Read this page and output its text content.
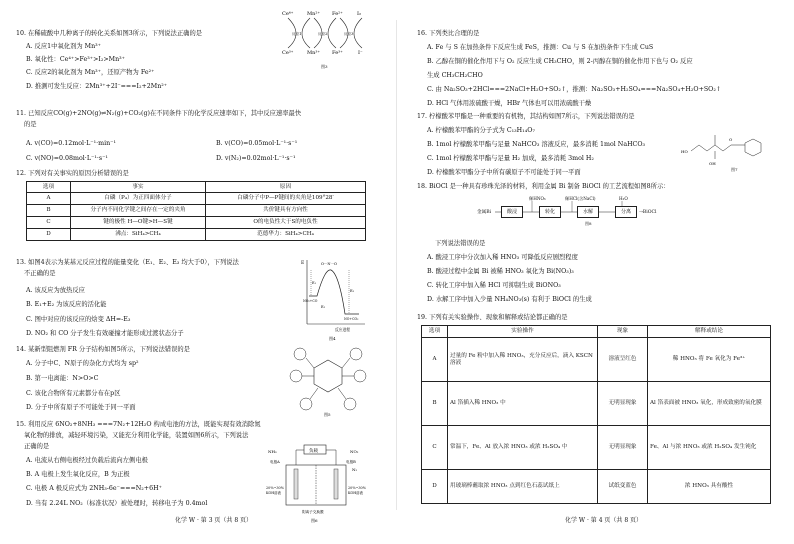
10. 在稀硫酸中几种离子的转化关系如图3所示，下列说法正确的是
A. 反应1中氧化剂为 Mn³⁺
B. 氧化性：Ce⁴⁺>Fe³⁺>I₂>Mn³⁺
C. 反应2的氧化剂为 Mn³⁺，还原产物为 Fe²⁺
D. 推测可发生反应：2Mn³⁺+2I⁻===I₂+2Mn²⁺
Ce⁴⁺
Ce³⁺
Mn²⁺
Mn³⁺
Fe²⁺
Fe³⁺
I₂
I⁻
反应1	反应2	反应3
图3
11. 已知反应CO(g)+2NO(g)⇌N₂(g)+CO₂(g)在不同条件下的化学反应速率如下，其中反应速率最快
的是
A. v(CO)=0.12mol·L⁻¹·min⁻¹	B. v(CO)=0.05mol·L⁻¹·s⁻¹
C. v(NO)=0.08mol·L⁻¹·s⁻¹	D. v(N₂)=0.02mol·L⁻¹·s⁻¹
12. 下列对有关事实的原因分析错误的是
选项	事实	原因
A	白磷（P₄）为正四面体分子	白磷分子中P—P键间的夹角是109°28′
B	分子内不同化学键之间存在一定的夹角	共价键具有方向性
C	键的极性 H—O键>H—S键	O的电负性大于S的电负性
D	沸点：SiH₄>CH₄	范德华力：SiH₄>CH₄
13. 如图4表示为某基元反应过程的能量变化（E₁、E₂、E₃ 均大于0），下列说法
不正确的是
A. 该反应为放热反应
B. E₁+E₂ 为该反应的活化能
C. 图中对应的该反应的焓变 ΔH=-E₃
D. NO₂ 和 CO 分子发生有效碰撞才能形成过渡状态分子
E	O···N···O
E₁
E₂
E₃
NO₂+CO
NO+CO₂
反应进程
图4
14. 某新型阻燃剂 FR 分子结构如图5所示，下列说法错误的是
A. 分子中C、N原子的杂化方式均为 sp²
B. 第一电离能：N>O>C
C. 该化合物所有元素都分布在p区
D. 分子中所有原子不可能处于同一平面
图5
15. 利用反应 6NO₂+8NH₃ ===7N₂+12H₂O 构成电池的方法，既能实现有效消除氮
氧化物的排放，减轻环境污染，又能充分利用化学能，装置如图6所示，下列说法
正确的是
A. 电流从右侧电极经过负载后流向左侧电极
B. A 电极上发生氧化反应，B 为正极
C. 电极 A 极反应式为 2NH₃-6e⁻===N₂+6H⁺
D. 当有 2.24L NO₂（标准状况）被处理时，转移电子为 0.4mol
负载
NH₃	NO₂
电极A	电极B
N₂
20%~30%
KOH溶液
20%~30%
KOH溶液
阴离子交换膜
图6
化学 W · 第 3 页（共 8 页）
16. 下列类比合理的是
A. Fe 与 S 在加热条件下反应生成 FeS，推测：Cu 与 S 在加热条件下生成 CuS
B. 乙醇在铜的催化作用下与 O₂ 反应生成 CH₃CHO，则 2-丙醇在铜的催化作用下也与 O₂ 反应
生成 CH₃CH₂CHO
C. 由 Na₂SO₃+2HCl===2NaCl+H₂O+SO₂↑，推测：Na₂SO₃+H₂SO₄===Na₂SO₄+H₂O+SO₂↑
D. HCl 气体用浓硫酸干燥，HBr 气体也可以用浓硫酸干燥
17. 柠檬酸苯甲酯是一种重要的有机物，其结构如图7所示，下列说法错误的是
A. 柠檬酸苯甲酯的分子式为 C₁₃H₁₄O₇
B. 1mol 柠檬酸苯甲酯与足量 NaHCO₃ 溶液反应，最多消耗 1mol NaHCO₃
C. 1mol 柠檬酸苯甲酯与足量 H₂ 加成，最多消耗 3mol H₂
D. 柠檬酸苯甲酯分子中所有碳原子不可能处于同一平面
HO
OH
O
图7
18. BiOCl 是一种具有珍珠光泽的材料，利用金属 Bi 制备 BiOCl 的工艺流程如图8所示：
稀HNO₃	稀HCl(含NaCl)	H₂O
金属Bi	酸浸	转化	水解	分离	→BiOCl
图8
下列说法错误的是
A. 酸浸工序中分次加入稀 HNO₃ 可降低反应剧烈程度
B. 酸浸过程中金属 Bi 被稀 HNO₃ 氧化为 Bi(NO₃)₃
C. 转化工序中加入稀 HCl 可抑制生成 BiONO₃
D. 水解工序中加入少量 NH₄NO₃(s) 有利于 BiOCl 的生成
19. 下列有关实验操作、现象和解释或结论都正确的是
选项	实验操作	现象	解释或结论
A	过量的 Fe 粉中加入稀 HNO₃，充分反应后，滴入 KSCN 溶液	溶液呈红色	稀 HNO₃ 将 Fe 氧化为 Fe³⁺
B	Al 箔插入稀 HNO₃ 中	无明显现象	Al 箔表面被 HNO₃ 氧化，形成致密的氧化膜
C	常温下，Fe、Al 放入浓 HNO₃ 或浓 H₂SO₄ 中	无明显现象	Fe、Al 与浓 HNO₃ 或浓 H₂SO₄ 发生钝化
D	用玻璃棒蘸取浓 HNO₃ 点到红色石蕊试纸上	试纸变蓝色	浓 HNO₃ 具有酸性
化学 W · 第 4 页（共 8 页）
